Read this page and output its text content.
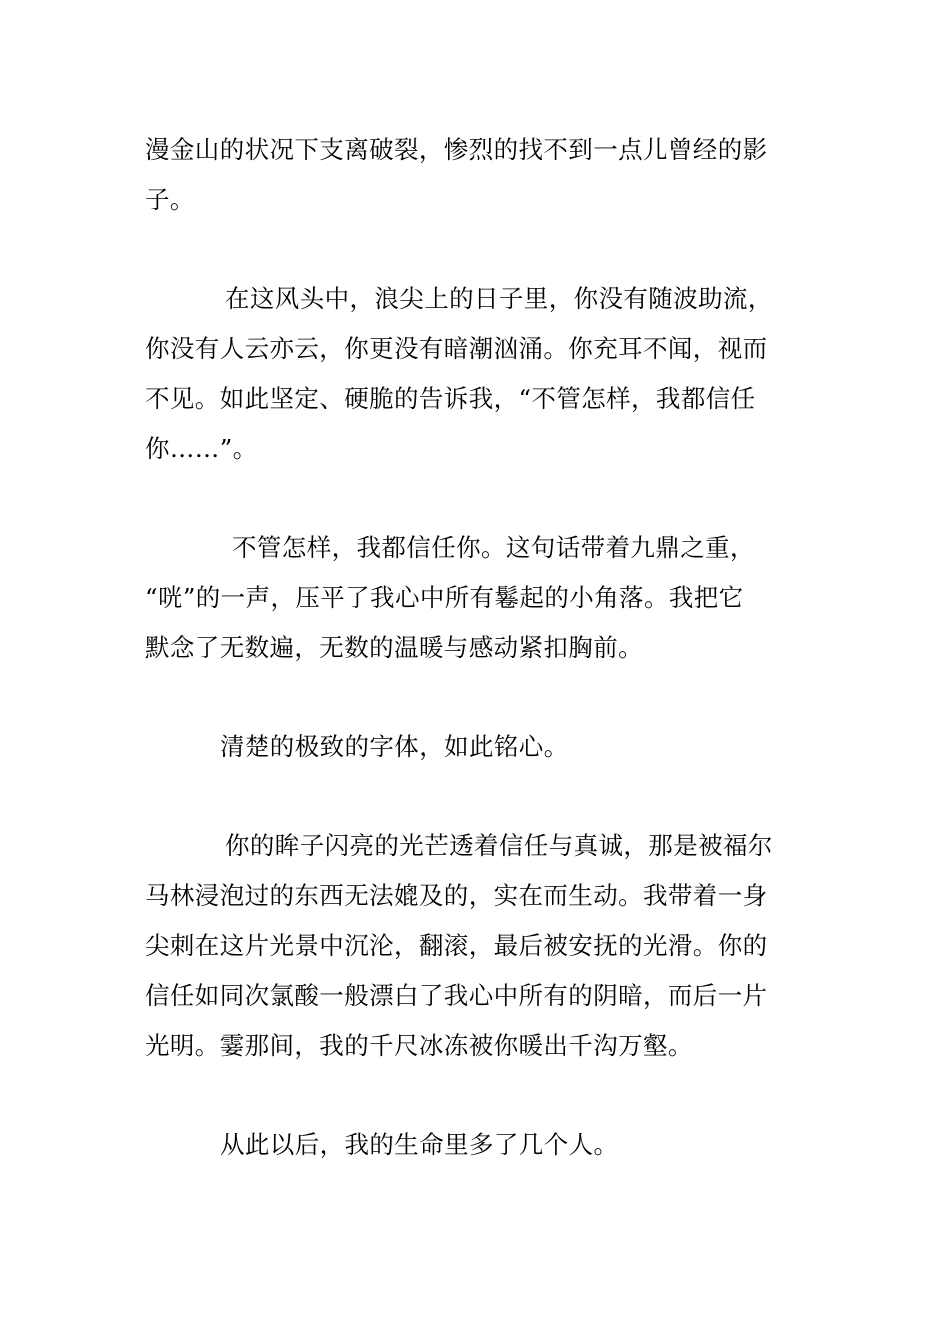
漫金山的状况下支离破裂，惨烈的找不到一点儿曾经的影
子。
在这风头中，浪尖上的日子里，你没有随波助流，
你没有人云亦云，你更没有暗潮汹涌。你充耳不闻，视而
不见。如此坚定、硬脆的告诉我，“不管怎样，我都信任
你……”。
不管怎样，我都信任你。这句话带着九鼎之重，
“咣”的一声，压平了我心中所有鬈起的小角落。我把它
默念了无数遍，无数的温暖与感动紧扣胸前。
清楚的极致的字体，如此铭心。
你的眸子闪亮的光芒透着信任与真诚，那是被福尔
马林浸泡过的东西无法媲及的，实在而生动。我带着一身
尖刺在这片光景中沉沦，翻滚，最后被安抚的光滑。你的
信任如同次氯酸一般漂白了我心中所有的阴暗，而后一片
光明。霎那间，我的千尺冰冻被你暖出千沟万壑。
从此以后，我的生命里多了几个人。
